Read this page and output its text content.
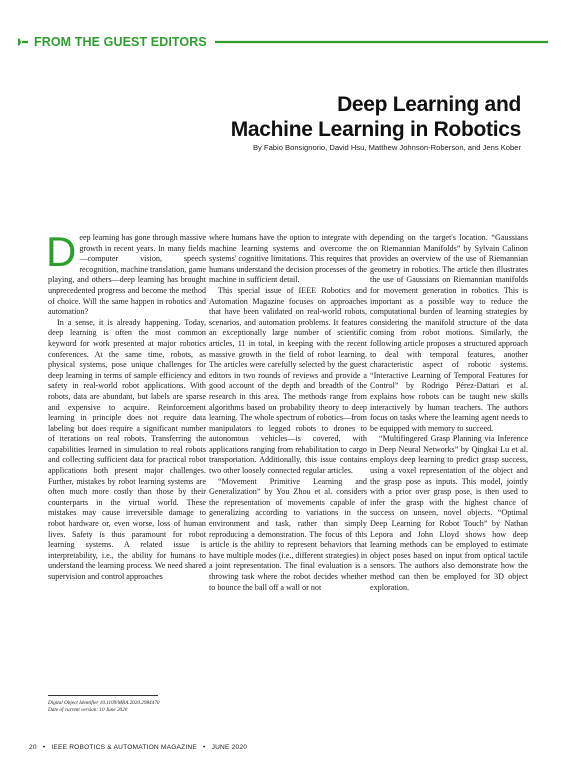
FROM THE GUEST EDITORS
Deep Learning and
Machine Learning in Robotics
By Fabio Bonsignorio, David Hsu, Matthew Johnson-Roberson, and Jens Kober

Deep learning has gone through massive growth in recent years. In many fields—computer vision, speech recognition, machine translation, game playing, and others—deep learning has brought unprecedented progress and become the method of choice. Will the same happen in robotics and automation?

In a sense, it is already happening. Today, deep learning is often the most common keyword for work presented at major robotics conferences. At the same time, robots, as physical systems, pose unique challenges for deep learning in terms of sample efficiency and safety in real-world robot applications. With robots, data are abundant, but labels are sparse and expensive to acquire. Reinforcement learning in principle does not require data labeling but does require a significant number of iterations on real robots. Transferring the capabilities learned in simulation to real robots and collecting sufficient data for practical robot applications both present major challenges. Further, mistakes by robot learning systems are often much more costly than those by their counterparts in the virtual world. These mistakes may cause irreversible damage to robot hardware or, even worse, loss of human lives. Safety is thus paramount for robot learning systems. A related issue is interpretability, i.e., the ability for humans to understand the learning process. We need shared supervision and control approaches

where humans have the option to integrate with machine learning systems and overcome the systems' cognitive limitations. This requires that humans understand the decision processes of the machine in sufficient detail.

This special issue of IEEE Robotics and Automation Magazine focuses on approaches that have been validated on real-world robots, scenarios, and automation problems. It features an exceptionally large number of scientific articles, 11 in total, in keeping with the recent massive growth in the field of robot learning. The articles were carefully selected by the guest editors in two rounds of reviews and provide a good account of the depth and breadth of the research in this area. The methods range from algorithms based on probability theory to deep learning. The whole spectrum of robotics—from manipulators to legged robots to drones to autonomous vehicles—is covered, with applications ranging from rehabilitation to cargo transportation. Additionally, this issue contains two other loosely connected regular articles.

“Movement Primitive Learning and Generalization” by You Zhou et al. considers the representation of movements capable of generalizing according to variations in the environment and task, rather than simply reproducing a demonstration. The focus of this article is the ability to represent behaviors that have multiple modes (i.e., different strategies) in a joint representation. The final evaluation is a throwing task where the robot decides whether to bounce the ball off a wall or not

depending on the target's location. “Gaussians on Riemannian Manifolds” by Sylvain Calinon provides an overview of the use of Riemannian geometry in robotics. The article then illustrates the use of Gaussians on Riemannian manifolds for movement generation in robotics. This is important as a possible way to reduce the computational burden of learning strategies by considering the manifold structure of the data coming from robot motions. Similarly, the following article proposes a structured approach to deal with temporal features, another characteristic aspect of robotic systems. “Interactive Learning of Temporal Features for Control” by Rodrigo Pérez-Dattari et al. explains how robots can be taught new skills interactively by human teachers. The authors focus on tasks where the learning agent needs to be equipped with memory to succeed.

“Multifingered Grasp Planning via Inference in Deep Neural Networks” by Qingkai Lu et al. employs deep learning to predict grasp success, using a voxel representation of the object and the grasp pose as inputs. This model, jointly with a prior over grasp pose, is then used to infer the grasp with the highest chance of success on unseen, novel objects. “Optimal Deep Learning for Robot Touch” by Nathan Lepora and John Lloyd shows how deep learning methods can be employed to estimate object poses based on input from optical tactile sensors. The authors also demonstrate how the method can then be employed for 3D object exploration.

Digital Object Identifier 10.1109/MRA.2020.2984470
Date of current version: 10 June 2020
20 • IEEE ROBOTICS & AUTOMATION MAGAZINE • JUNE 2020
